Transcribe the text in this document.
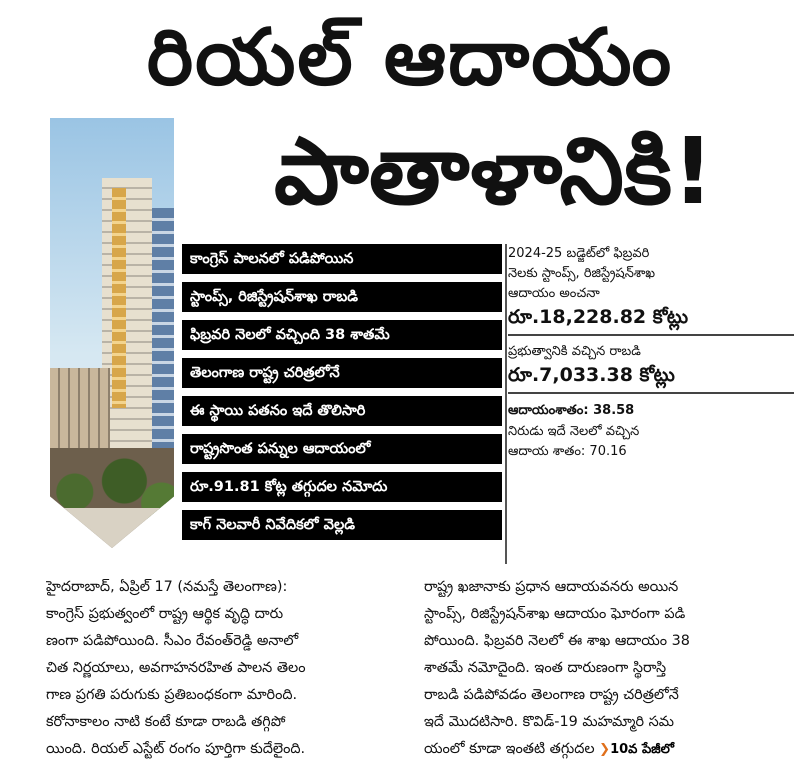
రియల్ ఆదాయం
పాతాళానికి!
కాంగ్రెస్ పాలనలో పడిపోయిన
స్టాంప్స్, రిజిస్ట్రేషన్‌శాఖ రాబడి
ఫిబ్రవరి నెలలో వచ్చింది 38 శాతమే
తెలంగాణ రాష్ట్ర చరిత్రలోనే
ఈ స్థాయి పతనం ఇదే తొలిసారి
రాష్ట్రసొంత పన్నుల ఆదాయంలో
రూ.91.81 కోట్ల తగ్గుదల నమోదు
కాగ్ నెలవారీ నివేదికలో వెల్లడి
2024-25 బడ్జెట్‌లో ఫిబ్రవరి
నెలకు స్టాంప్స్, రిజిస్ట్రేషన్‌శాఖ
ఆదాయం అంచనా
రూ.18,228.82 కోట్లు
ప్రభుత్వానికి వచ్చిన రాబడి
రూ.7,033.38 కోట్లు
ఆదాయంశాతం: 38.58
నిరుడు ఇదే నెలలో వచ్చిన
ఆదాయ శాతం: 70.16

హైదరాబాద్, ఏప్రిల్ 17 (నమస్తే తెలంగాణ):

కాంగ్రెస్ ప్రభుత్వంలో రాష్ట్ర ఆర్థిక వృద్ధి దారు

ణంగా పడిపోయింది. సీఎం రేవంత్‌రెడ్డి అనాలో

చిత నిర్ణయాలు, అవగాహనరహిత పాలన తెలం

గాణ ప్రగతి పరుగుకు ప్రతిబంధకంగా మారింది.

కరోనాకాలం నాటి కంటే కూడా రాబడి తగ్గిపో

యింది. రియల్ ఎస్టేట్ రంగం పూర్తిగా కుదేలైంది.

రాష్ట్ర ఖజానాకు ప్రధాన ఆదాయవనరు అయిన

స్టాంప్స్, రిజిస్ట్రేషన్‌శాఖ ఆదాయం ఘోరంగా పడి

పోయింది. ఫిబ్రవరి నెలలో ఈ శాఖ ఆదాయం 38

శాతమే నమోదైంది. ఇంత దారుణంగా స్థిరాస్తి

రాబడి పడిపోవడం తెలంగాణ రాష్ట్ర చరిత్రలోనే

ఇదే మొదటిసారి. కొవిడ్-19 మహమ్మారి సమ

యంలో కూడా ఇంతటి తగ్గుదల ❯10వ పేజీలో
